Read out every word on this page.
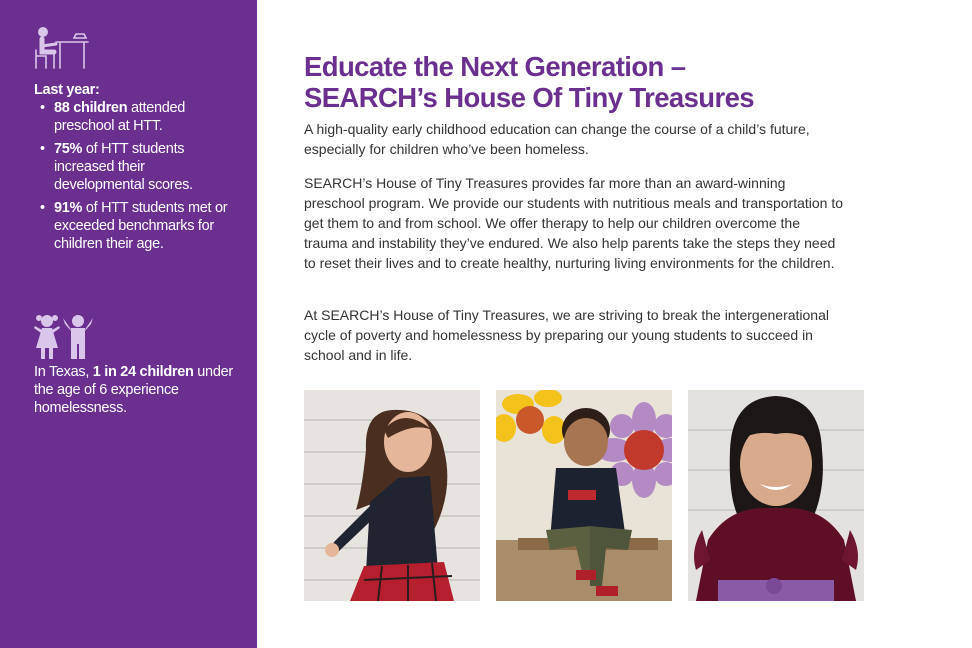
Last year:
• 88 children attended preschool at HTT.
• 75% of HTT students increased their developmental scores.
• 91% of HTT students met or exceeded benchmarks for children their age.
In Texas, 1 in 24 children under the age of 6 experience homelessness.
Educate the Next Generation –
SEARCH’s House Of Tiny Treasures

A high-quality early childhood education can change the course of a child’s future, especially for children who’ve been homeless.

SEARCH’s House of Tiny Treasures provides far more than an award-winning preschool program. We provide our students with nutritious meals and transportation to get them to and from school. We offer therapy to help our children overcome the trauma and instability they’ve endured. We also help parents take the steps they need to reset their lives and to create healthy, nurturing living environments for the children.

At SEARCH’s House of Tiny Treasures, we are striving to break the intergenerational cycle of poverty and homelessness by preparing our young students to succeed in school and in life.
